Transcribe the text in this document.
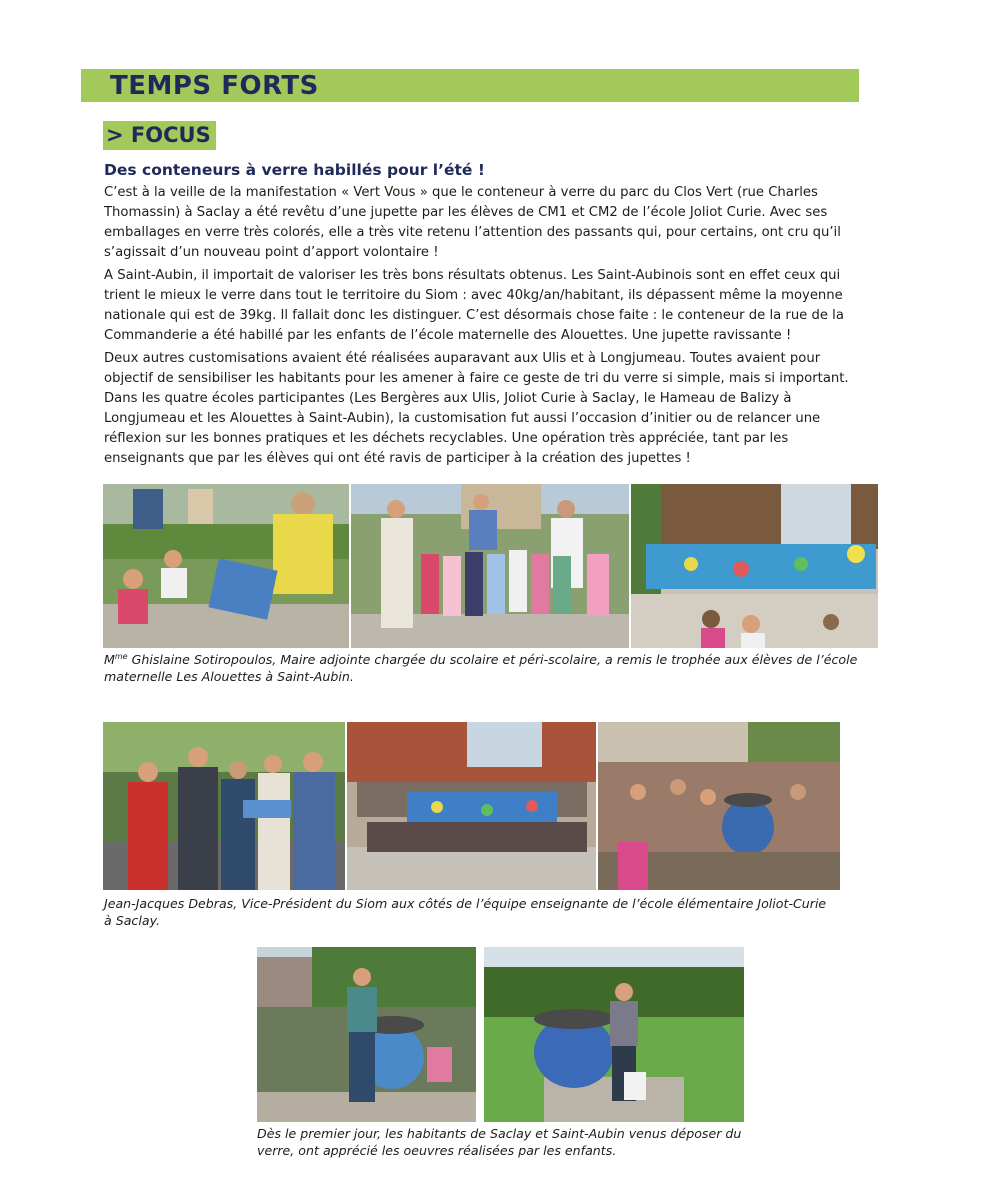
TEMPS FORTS
> FOCUS
Des conteneurs à verre habillés pour l’été !

C’est à la veille de la manifestation « Vert Vous » que le conteneur à verre du parc du Clos Vert (rue Charles Thomassin) à Saclay a été revêtu d’une jupette par les élèves de CM1 et CM2 de l’école Joliot Curie. Avec ses emballages en verre très colorés, elle a très vite retenu l’attention des passants qui, pour certains, ont cru qu’il s’agissait d’un nouveau point d’apport volontaire !

A Saint-Aubin, il importait de valoriser les très bons résultats obtenus. Les Saint-Aubinois sont en effet ceux qui trient le mieux le verre dans tout le territoire du Siom : avec 40kg/an/habitant, ils dépassent même la moyenne nationale qui est de 39kg. Il fallait donc les distinguer. C’est désormais chose faite : le conteneur de la rue de la Commanderie a été habillé par les enfants de l’école maternelle des Alouettes. Une jupette ravissante !

Deux autres customisations avaient été réalisées auparavant aux Ulis et à Longjumeau. Toutes avaient pour objectif de sensibiliser les habitants pour les amener à faire ce geste de tri du verre si simple, mais si important. Dans les quatre écoles participantes (Les Bergères aux Ulis, Joliot Curie à Saclay, le Hameau de Balizy à Longjumeau et les Alouettes à Saint-Aubin), la customisation fut aussi l’occasion d’initier ou de relancer une réflexion sur les bonnes pratiques et les déchets recyclables. Une opération très appréciée, tant par les enseignants que par les élèves qui ont été ravis de participer à la création des jupettes !

$M^{me}$ Ghislaine Sotiropoulos, Maire adjointe chargée du scolaire et péri-scolaire, a remis le trophée aux élèves de l’école maternelle Les Alouettes à Saint-Aubin.
Jean-Jacques Debras, Vice-Président du Siom aux côtés de l’équipe enseignante de l’école élémentaire Joliot-Curie à Saclay.
Dès le premier jour, les habitants de Saclay et Saint-Aubin venus déposer du verre, ont apprécié les oeuvres réalisées par les enfants.
